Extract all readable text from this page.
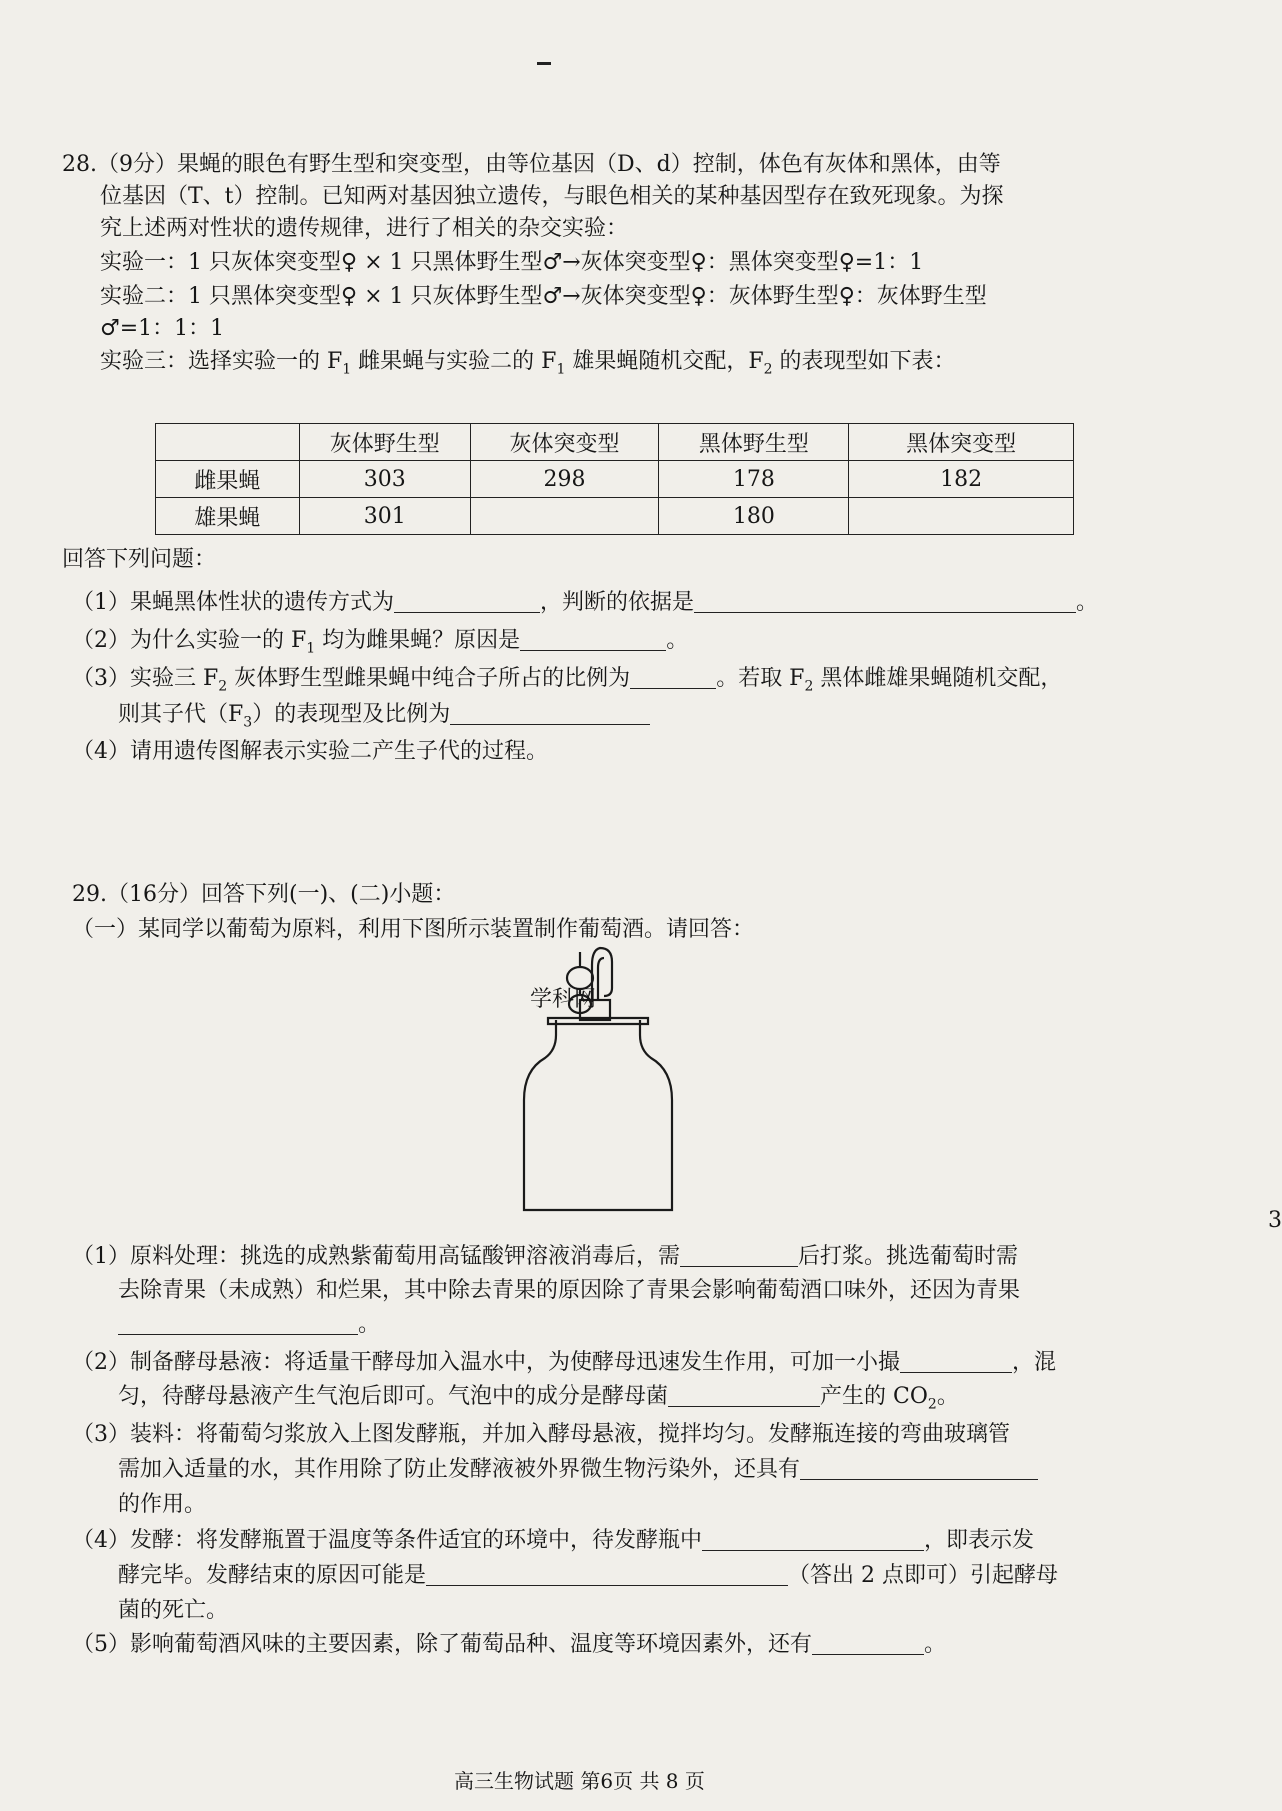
28.（9分）果蝇的眼色有野生型和突变型，由等位基因（D、d）控制，体色有灰体和黑体，由等
位基因（T、t）控制。已知两对基因独立遗传，与眼色相关的某种基因型存在致死现象。为探
究上述两对性状的遗传规律，进行了相关的杂交实验：
实验一：1 只灰体突变型♀ × 1 只黑体野生型♂→灰体突变型♀：黑体突变型♀=1：1
实验二：1 只黑体突变型♀ × 1 只灰体野生型♂→灰体突变型♀：灰体野生型♀：灰体野生型
♂=1：1：1
实验三：选择实验一的 $F_1$ 雌果蝇与实验二的 $F_1$ 雄果蝇随机交配，$F_2$ 的表现型如下表：
	灰体野生型	灰体突变型	黑体野生型	黑体突变型
雌果蝇	303	298	178	182
雄果蝇	301		180	
回答下列问题：
（1）果蝇黑体性状的遗传方式为	，判断的依据是	。
（2）为什么实验一的 $F_1$ 均为雌果蝇？原因是	。
（3）实验三 $F_2$ 灰体野生型雌果蝇中纯合子所占的比例为	。若取 $F_2$ 黑体雌雄果蝇随机交配，
则其子代$(F_3)$的表现型及比例为
（4）请用遗传图解表示实验二产生子代的过程。
29.（16分）回答下列(一)、(二)小题：
（一）某同学以葡萄为原料，利用下图所示装置制作葡萄酒。请回答：
学科网
（1）原料处理：挑选的成熟紫葡萄用高锰酸钾溶液消毒后，需	后打浆。挑选葡萄时需
去除青果（未成熟）和烂果，其中除去青果的原因除了青果会影响葡萄酒口味外，还因为青果
。
（2）制备酵母悬液：将适量干酵母加入温水中，为使酵母迅速发生作用，可加一小撮	，混
匀，待酵母悬液产生气泡后即可。气泡中的成分是酵母菌	产生的 $CO_2$。
（3）装料：将葡萄匀浆放入上图发酵瓶，并加入酵母悬液，搅拌均匀。发酵瓶连接的弯曲玻璃管
需加入适量的水，其作用除了防止发酵液被外界微生物污染外，还具有
的作用。
（4）发酵：将发酵瓶置于温度等条件适宜的环境中，待发酵瓶中	，即表示发
酵完毕。发酵结束的原因可能是	（答出 2 点即可）引起酵母
菌的死亡。
（5）影响葡萄酒风味的主要因素，除了葡萄品种、温度等环境因素外，还有	。
3
高三生物试题 第6页 共 8 页
